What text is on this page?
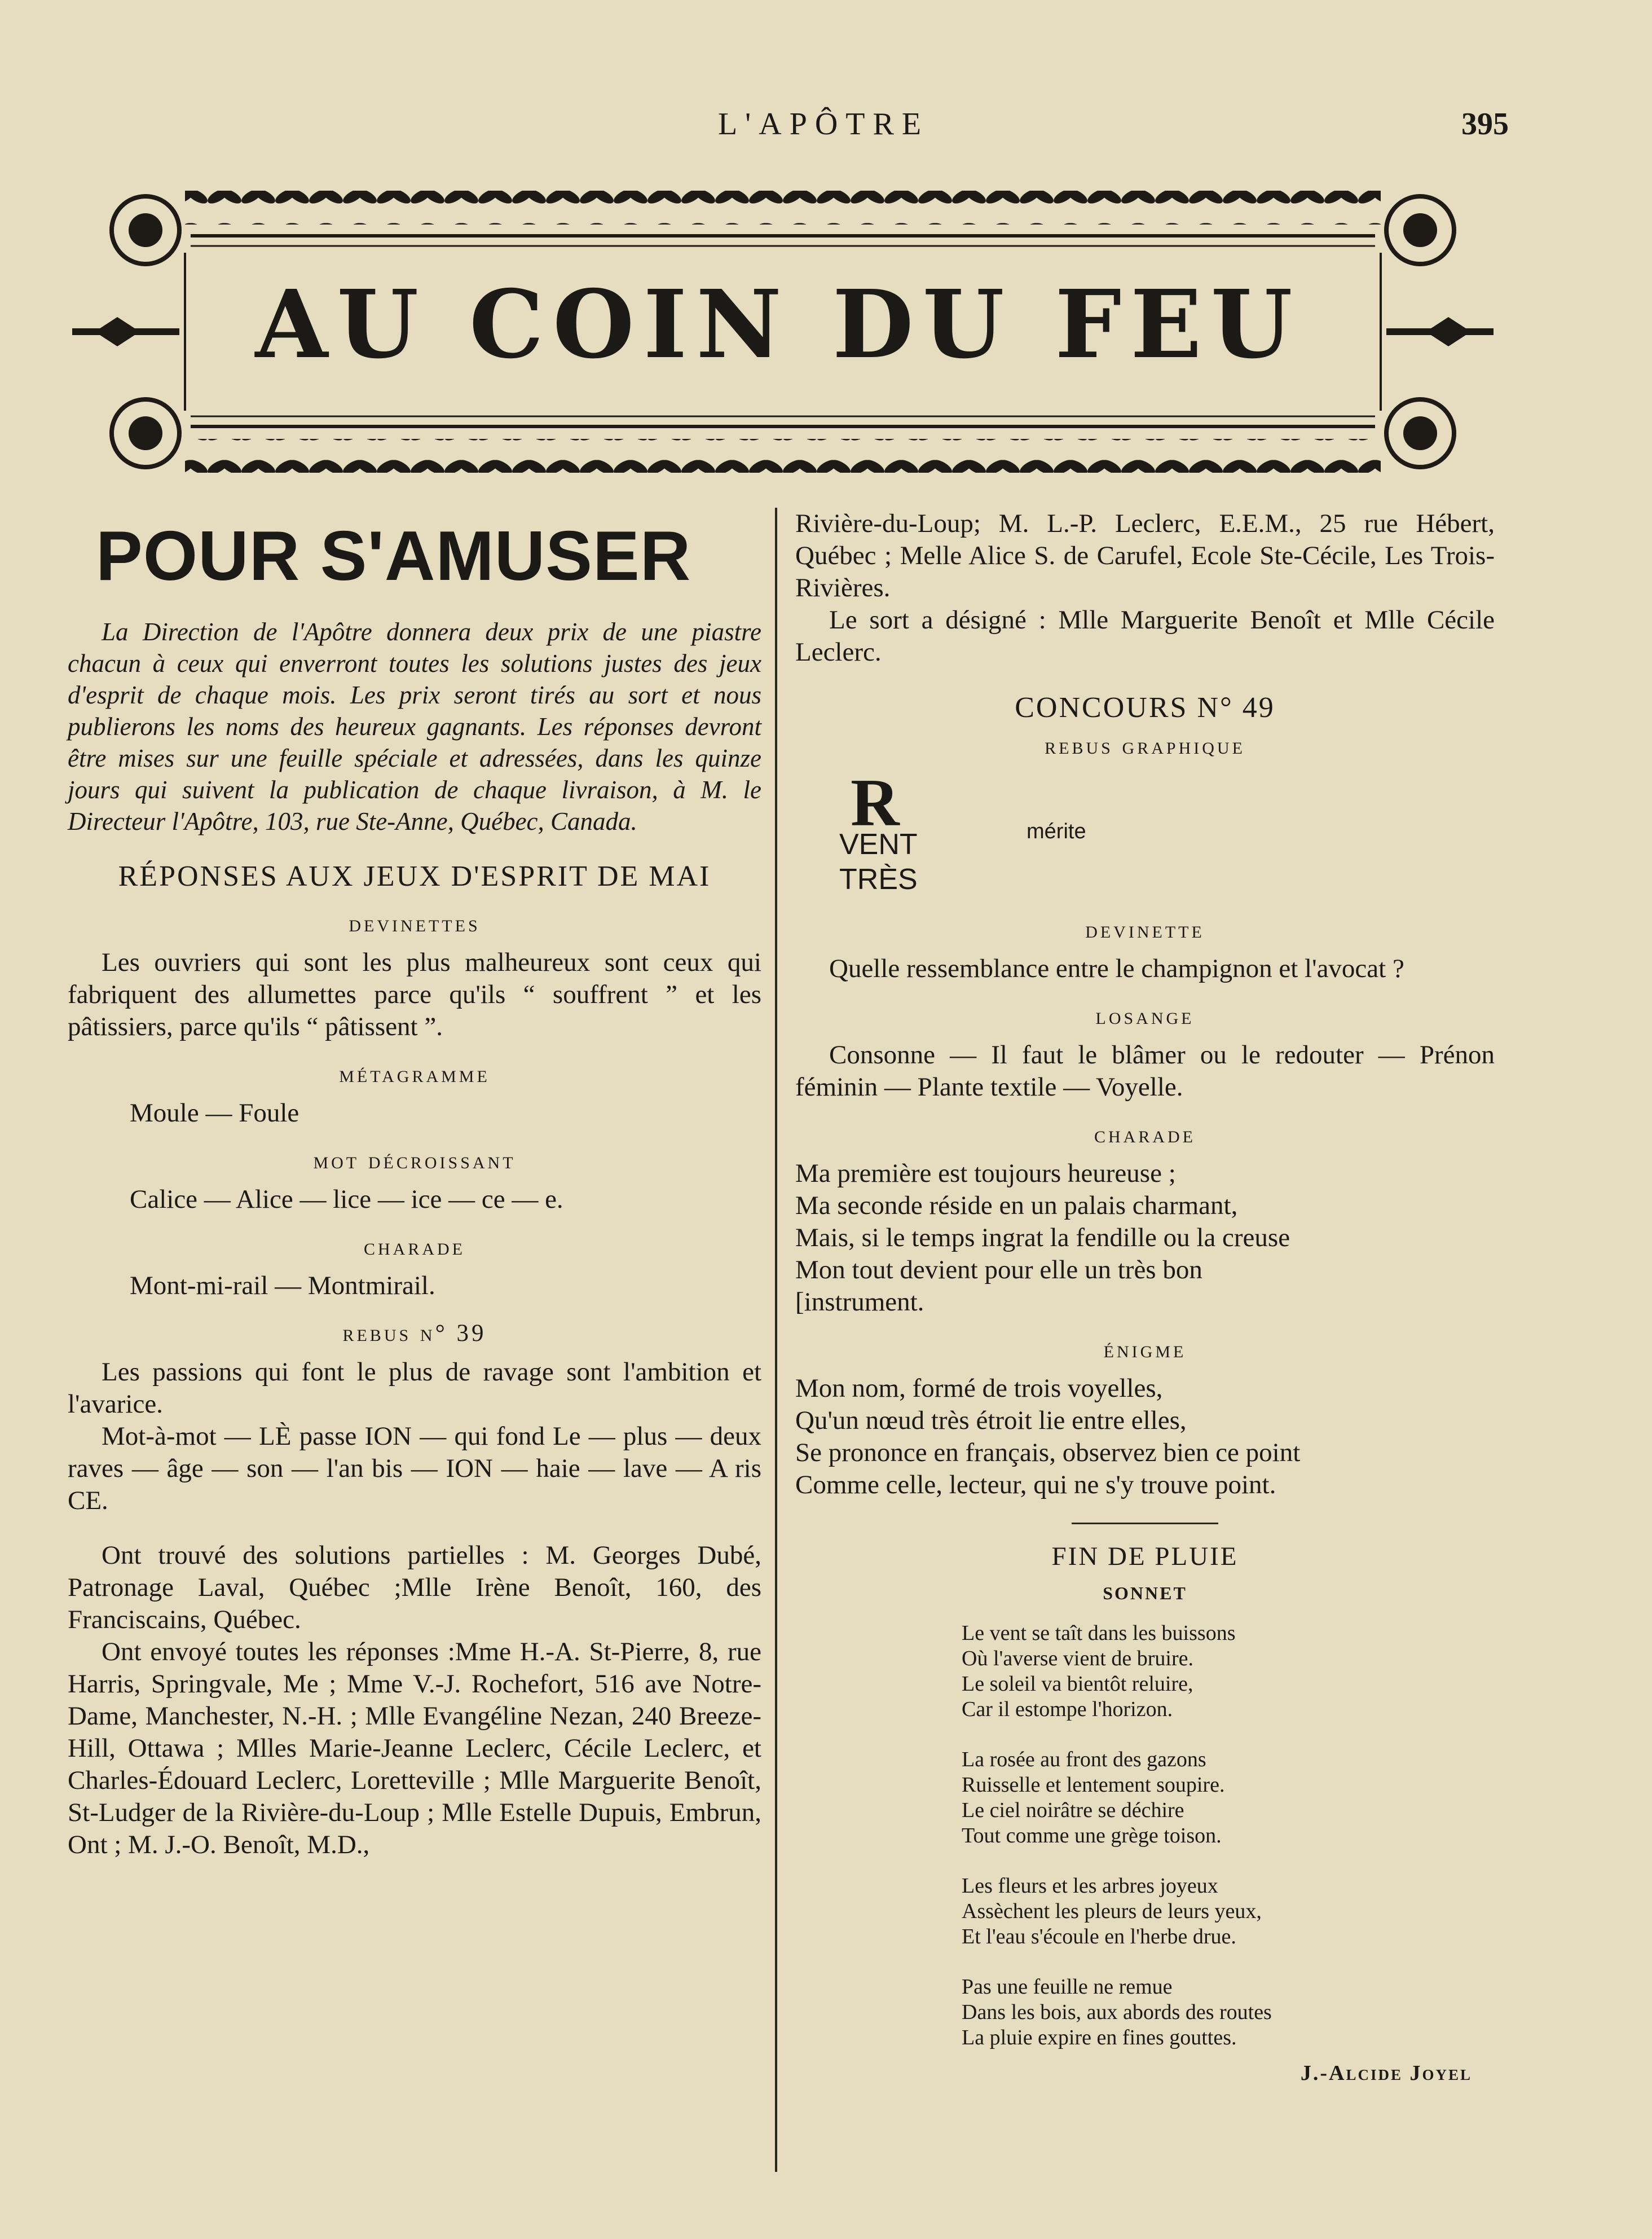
L'APÔTRE	395
AU COIN DU FEU
POUR S'AMUSER

La Direction de l'Apôtre donnera deux prix de une piastre chacun à ceux qui enverront toutes les solutions justes des jeux d'esprit de chaque mois. Les prix seront tirés au sort et nous publierons les noms des heureux gagnants. Les réponses devront être mises sur une feuille spéciale et adressées, dans les quinze jours qui suivent la publication de chaque livraison, à M. le Directeur l'Apôtre, 103, rue Ste-Anne, Québec, Canada.

RÉPONSES AUX JEUX D'ESPRIT DE MAI
devinettes

Les ouvriers qui sont les plus malheureux sont ceux qui fabriquent des allumettes parce qu'ils “ souffrent ” et les pâtissiers, parce qu'ils “ pâtissent ”.

métagramme

Moule — Foule

mot décroissant

Calice — Alice — lice — ice — ce — e.

charade

Mont-mi-rail — Montmirail.

rebus n° 39

Les passions qui font le plus de ravage sont l'ambition et l'avarice.

Mot-à-mot — LÈ passe ION — qui fond Le — plus — deux raves — âge — son — l'an bis — ION — haie — lave — A ris CE.

Ont trouvé des solutions partielles : M. Georges Dubé, Patronage Laval, Québec ;Mlle Irène Benoît, 160, des Franciscains, Québec.

Ont envoyé toutes les réponses :Mme H.-A. St-Pierre, 8, rue Harris, Springvale, Me ; Mme V.-J. Rochefort, 516 ave Notre-Dame, Manchester, N.-H. ; Mlle Evangéline Nezan, 240 Breeze-Hill, Ottawa ; Mlles Marie-Jeanne Leclerc, Cécile Leclerc, et Charles-Édouard Leclerc, Loretteville ; Mlle Marguerite Benoît, St-Ludger de la Rivière-du-Loup ; Mlle Estelle Dupuis, Embrun, Ont ; M. J.-O. Benoît, M.D.,

Rivière-du-Loup; M. L.-P. Leclerc, E.E.M., 25 rue Hébert, Québec ; Melle Alice S. de Carufel, Ecole Ste-Cécile, Les Trois-Rivières.

Le sort a désigné : Mlle Marguerite Benoît et Mlle Cécile Leclerc.

CONCOURS N° 49
rebus graphique
R
VENT
TRÈS
mérite
devinette

Quelle ressemblance entre le champignon et l'avocat ?

losange

Consonne — Il faut le blâmer ou le redouter — Prénon féminin — Plante textile — Voyelle.

charade

Ma première est toujours heureuse ;

Ma seconde réside en un palais charmant,

Mais, si le temps ingrat la fendille ou la creuse

Mon tout devient pour elle un très bon

[instrument.

énigme

Mon nom, formé de trois voyelles,

Qu'un nœud très étroit lie entre elles,

Se prononce en français, observez bien ce point

Comme celle, lecteur, qui ne s'y trouve point.

FIN DE PLUIE
SONNET

Le vent se taît dans les buissons

Où l'averse vient de bruire.

Le soleil va bientôt reluire,

Car il estompe l'horizon.

La rosée au front des gazons

Ruisselle et lentement soupire.

Le ciel noirâtre se déchire

Tout comme une grège toison.

Les fleurs et les arbres joyeux

Assèchent les pleurs de leurs yeux,

Et l'eau s'écoule en l'herbe drue.

Pas une feuille ne remue

Dans les bois, aux abords des routes

La pluie expire en fines gouttes.

J.-Alcide Joyel
